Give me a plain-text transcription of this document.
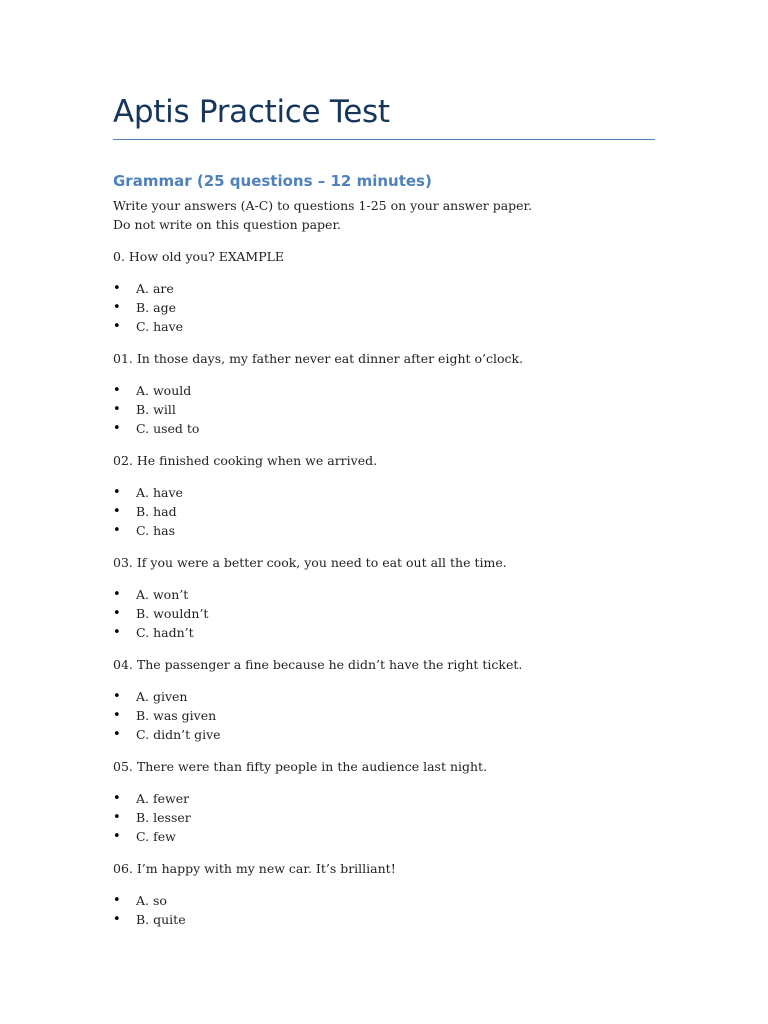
Aptis Practice Test
Grammar (25 questions – 12 minutes)

Write your answers (A-C) to questions 1-25 on your answer paper.

Do not write on this question paper.

0. How old you? EXAMPLE

• A. are
• B. age
• C. have

01. In those days, my father never eat dinner after eight o’clock.

• A. would
• B. will
• C. used to

02. He finished cooking when we arrived.

• A. have
• B. had
• C. has

03. If you were a better cook, you need to eat out all the time.

• A. won’t
• B. wouldn’t
• C. hadn’t

04. The passenger a fine because he didn’t have the right ticket.

• A. given
• B. was given
• C. didn’t give

05. There were than fifty people in the audience last night.

• A. fewer
• B. lesser
• C. few

06. I’m happy with my new car. It’s brilliant!

• A. so
• B. quite
